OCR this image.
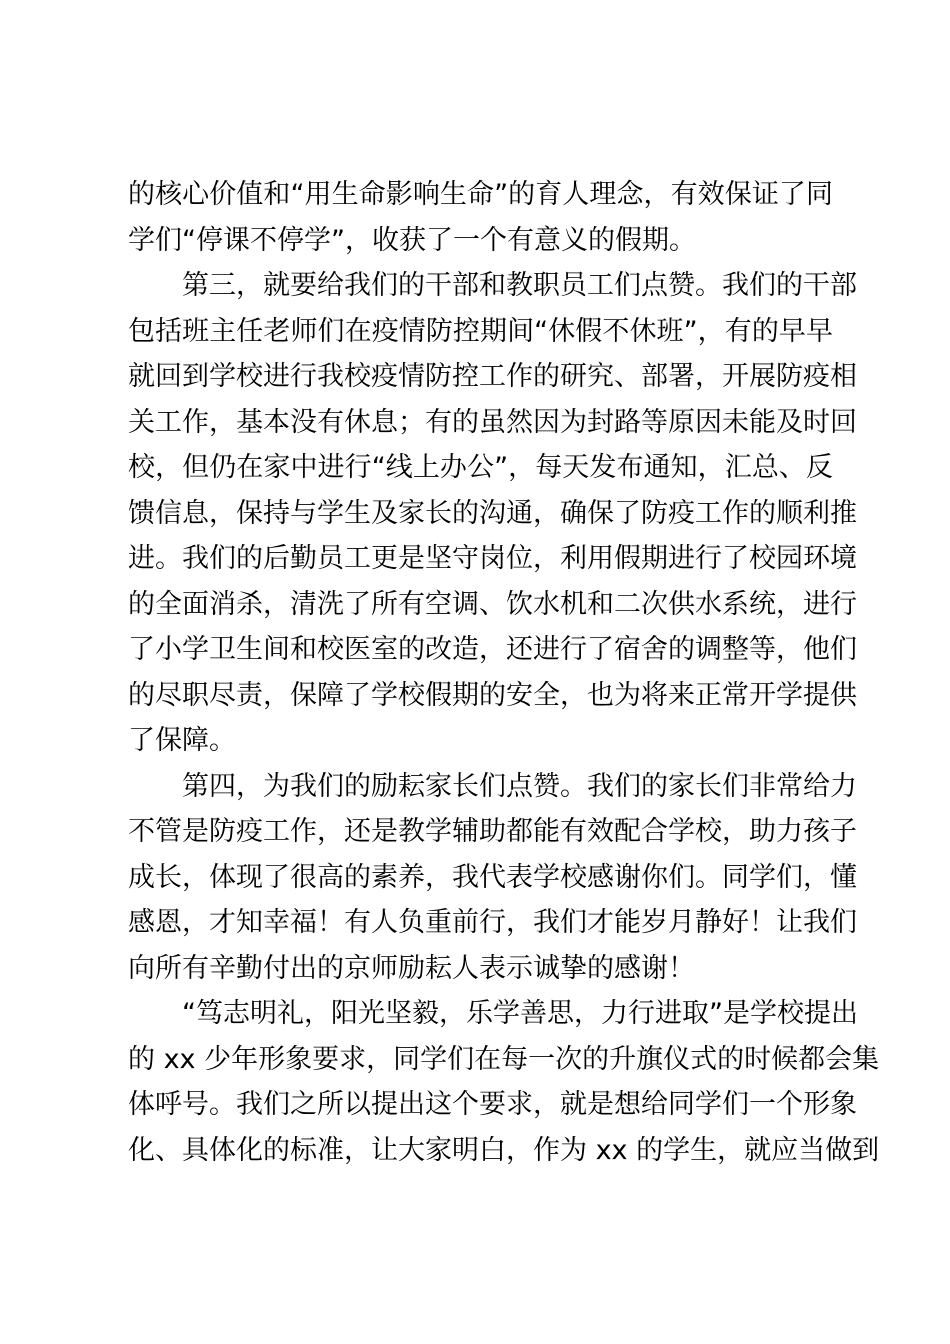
的核心价值和“用生命影响生命”的育人理念，有效保证了同
学们“停课不停学”，收获了一个有意义的假期。
　　第三，就要给我们的干部和教职员工们点赞。我们的干部
包括班主任老师们在疫情防控期间“休假不休班”，有的早早
就回到学校进行我校疫情防控工作的研究、部署，开展防疫相
关工作，基本没有休息；有的虽然因为封路等原因未能及时回
校，但仍在家中进行“线上办公”，每天发布通知，汇总、反
馈信息，保持与学生及家长的沟通，确保了防疫工作的顺利推
进。我们的后勤员工更是坚守岗位，利用假期进行了校园环境
的全面消杀，清洗了所有空调、饮水机和二次供水系统，进行
了小学卫生间和校医室的改造，还进行了宿舍的调整等，他们
的尽职尽责，保障了学校假期的安全，也为将来正常开学提供
了保障。
　　第四，为我们的励耘家长们点赞。我们的家长们非常给力
不管是防疫工作，还是教学辅助都能有效配合学校，助力孩子
成长，体现了很高的素养，我代表学校感谢你们。同学们，懂
感恩，才知幸福！有人负重前行，我们才能岁月静好！让我们
向所有辛勤付出的京师励耘人表示诚挚的感谢！
　　“笃志明礼，阳光坚毅，乐学善思，力行进取”是学校提出
的 xx 少年形象要求，同学们在每一次的升旗仪式的时候都会集
体呼号。我们之所以提出这个要求，就是想给同学们一个形象
化、具体化的标准，让大家明白，作为 xx 的学生，就应当做到
